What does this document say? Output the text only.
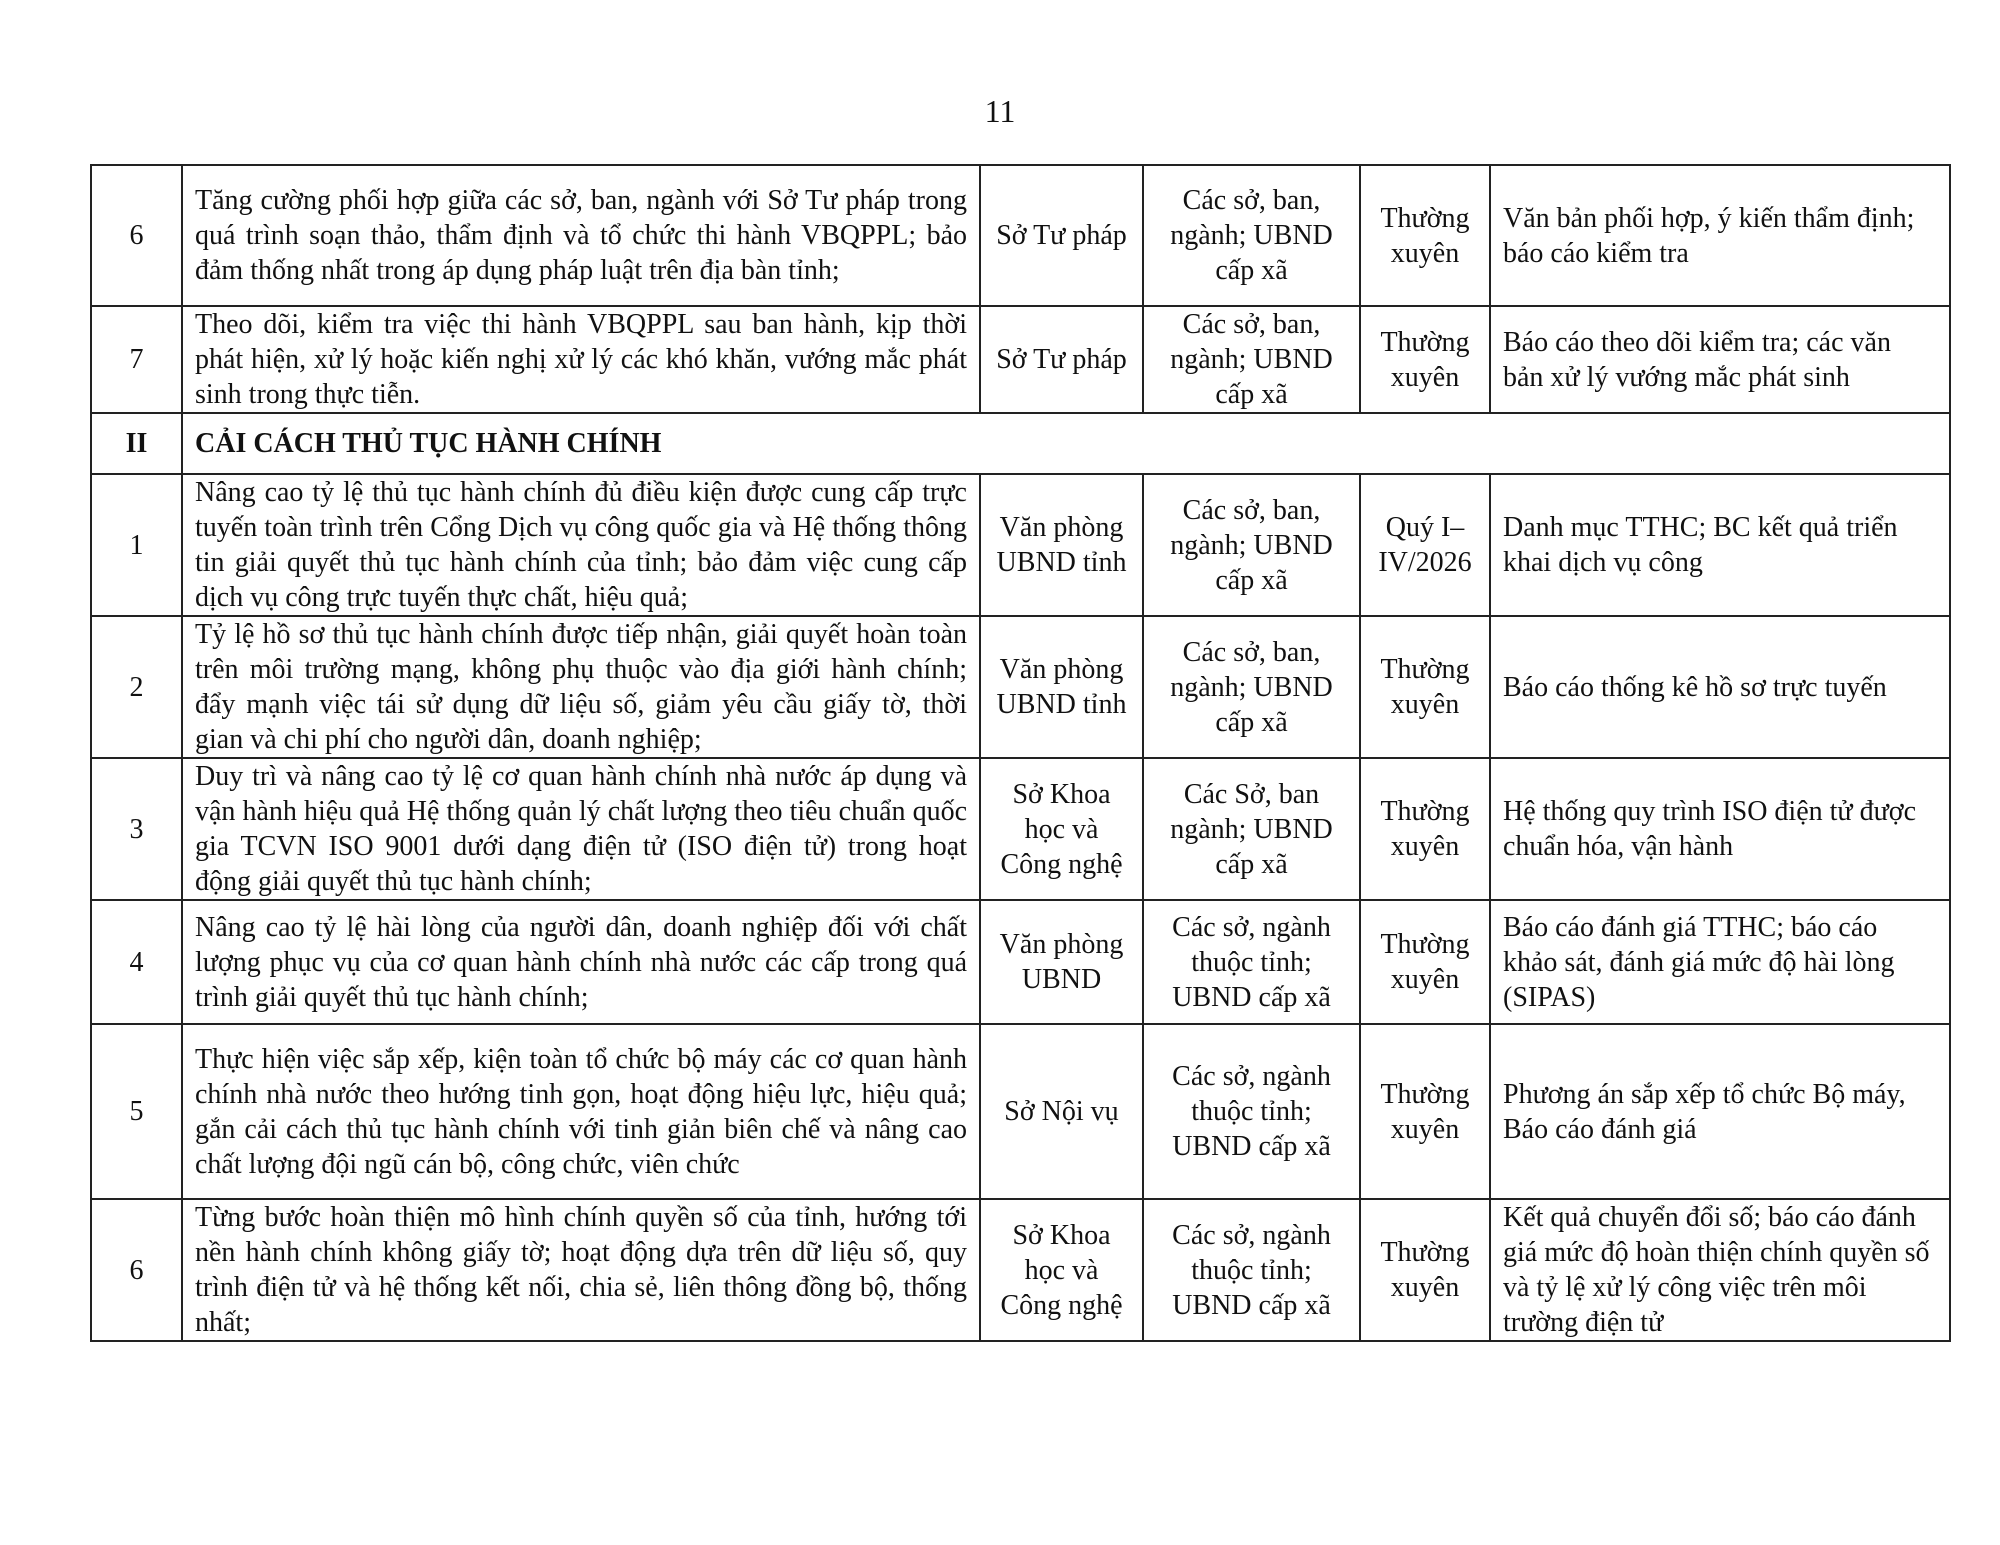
11
6	Tăng cường phối hợp giữa các sở, ban, ngành với Sở Tư pháp trong quá trình soạn thảo, thẩm định và tổ chức thi hành VBQPPL; bảo đảm thống nhất trong áp dụng pháp luật trên địa bàn tỉnh;	Sở Tư pháp	Các sở, ban, ngành; UBND cấp xã	Thường xuyên	Văn bản phối hợp, ý kiến thẩm định; báo cáo kiểm tra
7	Theo dõi, kiểm tra việc thi hành VBQPPL sau ban hành, kịp thời phát hiện, xử lý hoặc kiến nghị xử lý các khó khăn, vướng mắc phát sinh trong thực tiễn.	Sở Tư pháp	Các sở, ban, ngành; UBND cấp xã	Thường xuyên	Báo cáo theo dõi kiểm tra; các văn bản xử lý vướng mắc phát sinh
II	CẢI CÁCH THỦ TỤC HÀNH CHÍNH				
1	Nâng cao tỷ lệ thủ tục hành chính đủ điều kiện được cung cấp trực tuyến toàn trình trên Cổng Dịch vụ công quốc gia và Hệ thống thông tin giải quyết thủ tục hành chính của tỉnh; bảo đảm việc cung cấp dịch vụ công trực tuyến thực chất, hiệu quả;	Văn phòng UBND tỉnh	Các sở, ban, ngành; UBND cấp xã	Quý I–IV/2026	Danh mục TTHC; BC kết quả triển khai dịch vụ công
2	Tỷ lệ hồ sơ thủ tục hành chính được tiếp nhận, giải quyết hoàn toàn trên môi trường mạng, không phụ thuộc vào địa giới hành chính; đẩy mạnh việc tái sử dụng dữ liệu số, giảm yêu cầu giấy tờ, thời gian và chi phí cho người dân, doanh nghiệp;	Văn phòng UBND tỉnh	Các sở, ban, ngành; UBND cấp xã	Thường xuyên	Báo cáo thống kê hồ sơ trực tuyến
3	Duy trì và nâng cao tỷ lệ cơ quan hành chính nhà nước áp dụng và vận hành hiệu quả Hệ thống quản lý chất lượng theo tiêu chuẩn quốc gia TCVN ISO 9001 dưới dạng điện tử (ISO điện tử) trong hoạt động giải quyết thủ tục hành chính;	Sở Khoa học và Công nghệ	Các Sở, ban ngành; UBND cấp xã	Thường xuyên	Hệ thống quy trình ISO điện tử được chuẩn hóa, vận hành
4	Nâng cao tỷ lệ hài lòng của người dân, doanh nghiệp đối với chất lượng phục vụ của cơ quan hành chính nhà nước các cấp trong quá trình giải quyết thủ tục hành chính;	Văn phòng UBND	Các sở, ngành thuộc tỉnh; UBND cấp xã	Thường xuyên	Báo cáo đánh giá TTHC; báo cáo khảo sát, đánh giá mức độ hài lòng (SIPAS)
5	Thực hiện việc sắp xếp, kiện toàn tổ chức bộ máy các cơ quan hành chính nhà nước theo hướng tinh gọn, hoạt động hiệu lực, hiệu quả; gắn cải cách thủ tục hành chính với tinh giản biên chế và nâng cao chất lượng đội ngũ cán bộ, công chức, viên chức	Sở Nội vụ	Các sở, ngành thuộc tỉnh; UBND cấp xã	Thường xuyên	Phương án sắp xếp tổ chức Bộ máy, Báo cáo đánh giá
6	Từng bước hoàn thiện mô hình chính quyền số của tỉnh, hướng tới nền hành chính không giấy tờ; hoạt động dựa trên dữ liệu số, quy trình điện tử và hệ thống kết nối, chia sẻ, liên thông đồng bộ, thống nhất;	Sở Khoa học và Công nghệ	Các sở, ngành thuộc tỉnh; UBND cấp xã	Thường xuyên	Kết quả chuyển đổi số; báo cáo đánh giá mức độ hoàn thiện chính quyền số và tỷ lệ xử lý công việc trên môi trường điện tử
